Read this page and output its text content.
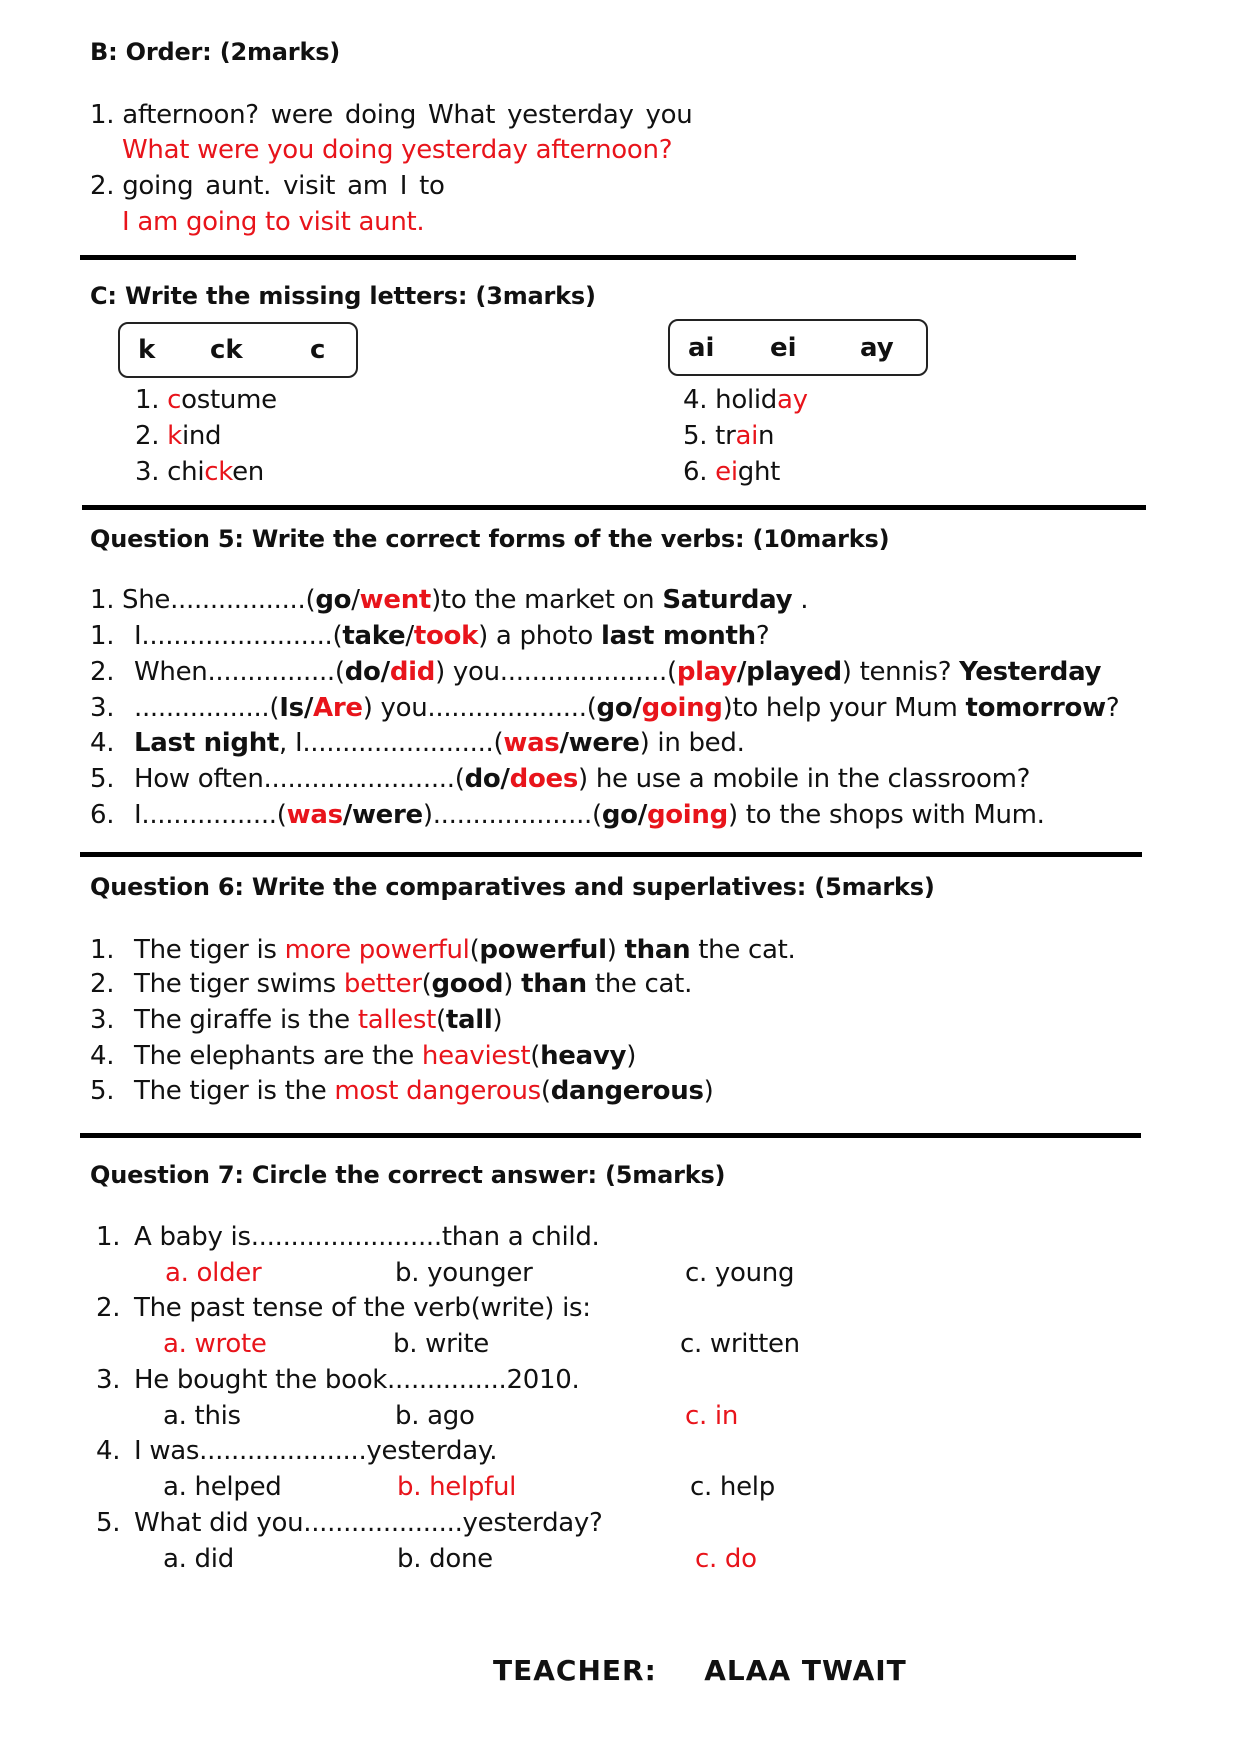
B: Order: (2marks)
1. afternoon? were doing What yesterday you
What were you doing yesterday afternoon?
2. going aunt. visit am I to
I am going to visit aunt.
C: Write the missing letters: (3marks)
k ck	c	ai ei ay
1. costume
2. kind
3. chicken
4. holiday
5. train
6. eight
Question 5: Write the correct forms of the verbs: (10marks)
1. She.................(go/went)to the market on Saturday .
1. I........................(take/took) a photo last month?
2. When................(do/did) you.....................(play/played) tennis? Yesterday
3. .................(Is/Are) you....................(go/going)to help your Mum tomorrow?
4. Last night, I........................(was/were) in bed.
5. How often........................(do/does) he use a mobile in the classroom?
6. I.................(was/were)....................(go/going) to the shops with Mum.
Question 6: Write the comparatives and superlatives: (5marks)
1. The tiger is more powerful(powerful) than the cat.
2. The tiger swims better(good) than the cat.
3. The giraffe is the tallest(tall)
4. The elephants are the heaviest(heavy)
5. The tiger is the most dangerous(dangerous)
Question 7: Circle the correct answer: (5marks)
1. A baby is........................than a child.
a. older	b. younger	c. young
2. The past tense of the verb(write) is:
a. wrote	b. write	c. written
3. He bought the book...............2010.
a. this	b. ago	c. in
4. I was.....................yesterday.
a. helped	b. helpful	c. help
5. What did you....................yesterday?
a. did	b. done	c. do
TEACHER: ALAA TWAIT
